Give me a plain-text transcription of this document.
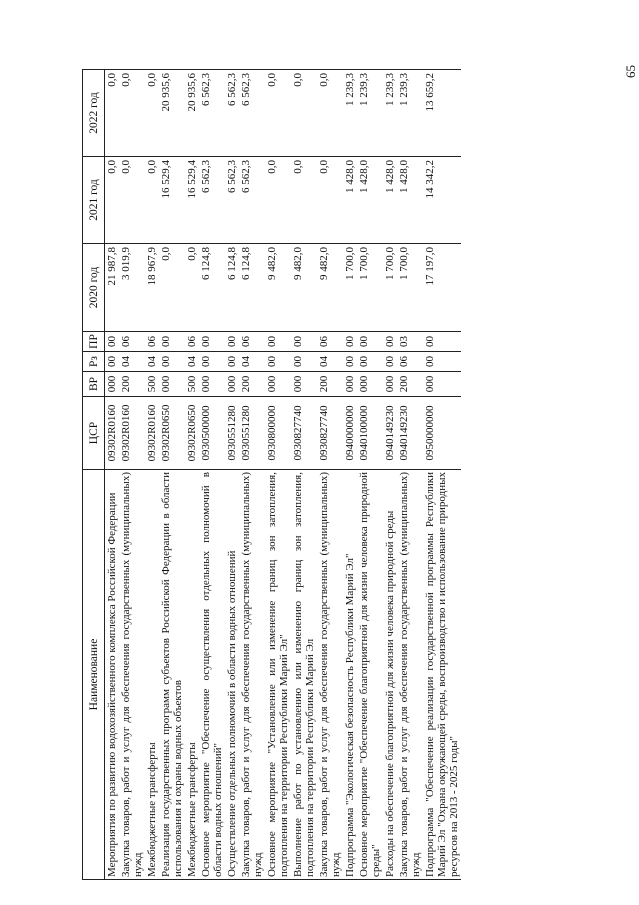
65
Наименование	ЦСР	ВР	Рз	ПР	2020 год	2021 год	2022 год
Мероприятия по развитию водохозяйственного комплекса Российской Федерации	09302R0160	000	00	00	21 987,8	0,0	0,0
Закупка товаров, работ и услуг для обеспечения государственных (муниципальных) нужд	09302R0160	200	04	06	3 019,9	0,0	0,0
Межбюджетные трансферты	09302R0160	500	04	06	18 967,9	0,0	0,0
Реализация государственных программ субъектов Российской Федерации в области использования и охраны водных объектов	09302R0650	000	00	00	0,0	16 529,4	20 935,6
Межбюджетные трансферты	09302R0650	500	04	06	0,0	16 529,4	20 935,6
Основное мероприятие "Обеспечение осуществления отдельных полномочий в области водных отношений"	0930500000	000	00	00	6 124,8	6 562,3	6 562,3
Осуществление отдельных полномочий в области водных отношений	0930551280	000	00	00	6 124,8	6 562,3	6 562,3
Закупка товаров, работ и услуг для обеспечения государственных (муниципальных) нужд	0930551280	200	04	06	6 124,8	6 562,3	6 562,3
Основное мероприятие "Установление или изменение границ зон затопления, подтопления на территории Республики Марий Эл"	0930800000	000	00	00	9 482,0	0,0	0,0
Выполнение работ по установлению или изменению границ зон затопления, подтопления на территории Республики Марий Эл	0930827740	000	00	00	9 482,0	0,0	0,0
Закупка товаров, работ и услуг для обеспечения государственных (муниципальных) нужд	0930827740	200	04	06	9 482,0	0,0	0,0
Подпрограмма "Экологическая безопасность Республики Марий Эл"	0940000000	000	00	00	1 700,0	1 428,0	1 239,3
Основное мероприятие "Обеспечение благоприятной для жизни человека природной среды"	0940100000	000	00	00	1 700,0	1 428,0	1 239,3
Расходы на обеспечение благоприятной для жизни человека природной среды	0940149230	000	00	00	1 700,0	1 428,0	1 239,3
Закупка товаров, работ и услуг для обеспечения государственных (муниципальных) нужд	0940149230	200	06	03	1 700,0	1 428,0	1 239,3
Подпрограмма "Обеспечение реализации государственной программы Республики Марий Эл "Охрана окружающей среды, воспроизводство и использование природных ресурсов на 2013 - 2025 годы"	0950000000	000	00	00	17 197,0	14 342,2	13 659,2
